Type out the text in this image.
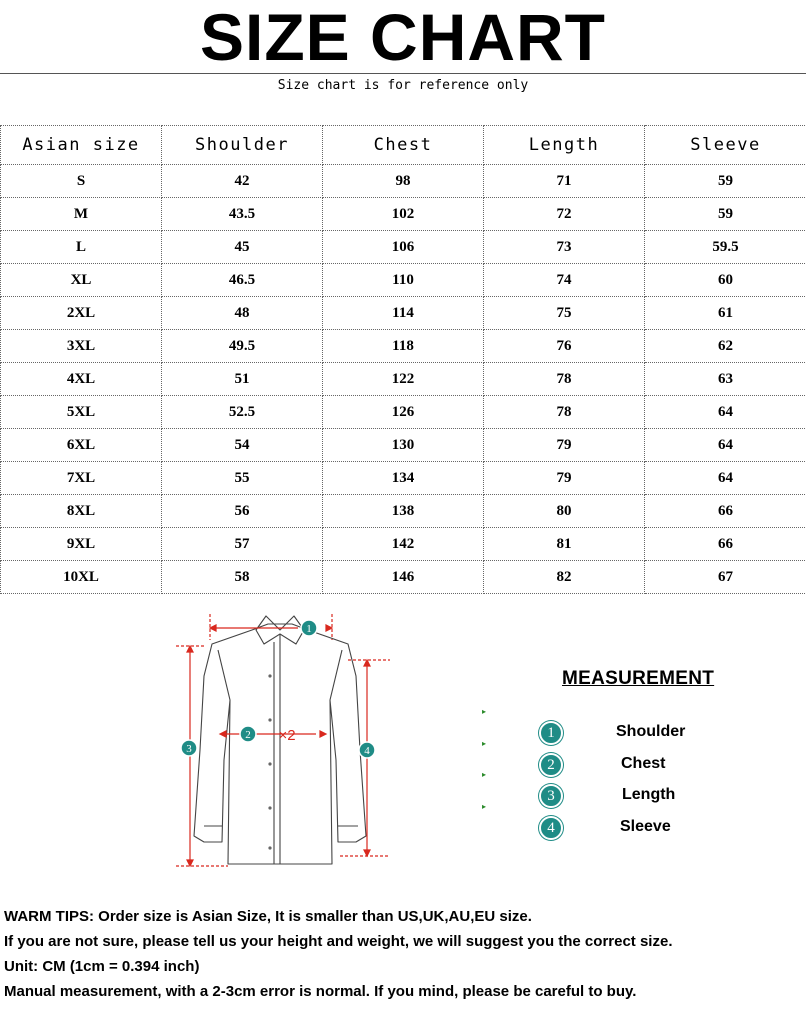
SIZE CHART
Size chart is for reference only
Asian size	Shoulder	Chest	Length	Sleeve
S	42	98	71	59
M	43.5	102	72	59
L	45	106	73	59.5
XL	46.5	110	74	60
2XL	48	114	75	61
3XL	49.5	118	76	62
4XL	51	122	78	63
5XL	52.5	126	78	64
6XL	54	130	79	64
7XL	55	134	79	64
8XL	56	138	80	66
9XL	57	142	81	66
10XL	58	146	82	67
×2
1
2
3	4
MEASUREMENT
▸
1	Shoulder
▸
2	Chest
▸
3	Length
▸
4	Sleeve
WARM TIPS: Order size is Asian Size, It is smaller than US,UK,AU,EU size.
If you are not sure, please tell us your height and weight, we will suggest you the correct size.
Unit: CM (1cm = 0.394 inch)
Manual measurement, with a 2-3cm error is normal. If you mind, please be careful to buy.
